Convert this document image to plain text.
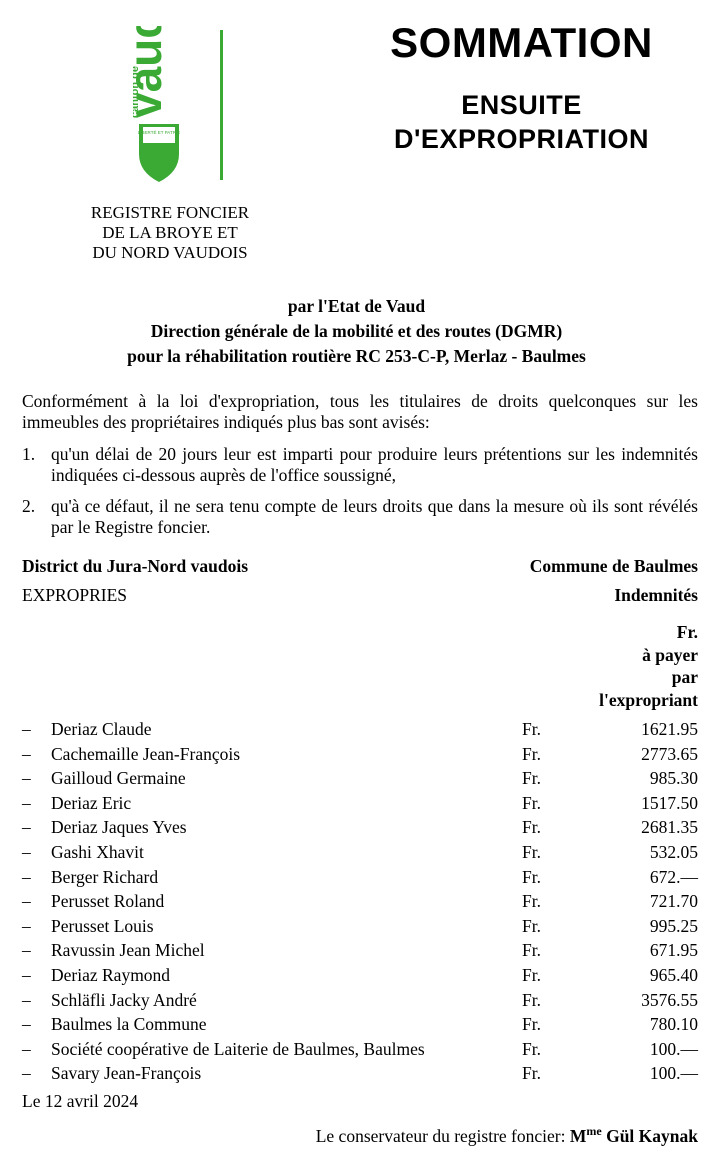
vau
canton de
LIBERTÉ ET PATRIE
SOMMATION
ENSUITE
D'EXPROPRIATION
REGISTRE FONCIER
DE LA BROYE ET
DU NORD VAUDOIS
par l'Etat de Vaud
Direction générale de la mobilité et des routes (DGMR)
pour la réhabilitation routière RC 253-C-P, Merlaz - Baulmes
Conformément à la loi d'expropriation, tous les titulaires de droits quelconques sur les immeubles des propriétaires indiqués plus bas sont avisés:
1. qu'un délai de 20 jours leur est imparti pour produire leurs prétentions sur les indemnités indiquées ci-dessous auprès de l'office soussigné,
2. qu'à ce défaut, il ne sera tenu compte de leurs droits que dans la mesure où ils sont révélés par le Registre foncier.
District du Jura-Nord vaudois	Commune de Baulmes
EXPROPRIES	Indemnités
Fr.
à payer
par
l'expropriant
– Deriaz Claude	Fr.	1621.95
– Cachemaille Jean-François	Fr.	2773.65
– Gailloud Germaine	Fr.	985.30
– Deriaz Eric	Fr.	1517.50
– Deriaz Jaques Yves	Fr.	2681.35
– Gashi Xhavit	Fr.	532.05
– Berger Richard	Fr.	672.—
– Perusset Roland	Fr.	721.70
– Perusset Louis	Fr.	995.25
– Ravussin Jean Michel	Fr.	671.95
– Deriaz Raymond	Fr.	965.40
– Schläfli Jacky André	Fr.	3576.55
– Baulmes la Commune	Fr.	780.10
– Société coopérative de Laiterie de Baulmes, Baulmes	Fr.	100.—
– Savary Jean-François	Fr.	100.—
Le 12 avril 2024
Le conservateur du registre foncier: $M^{me}$ Gül Kaynak
